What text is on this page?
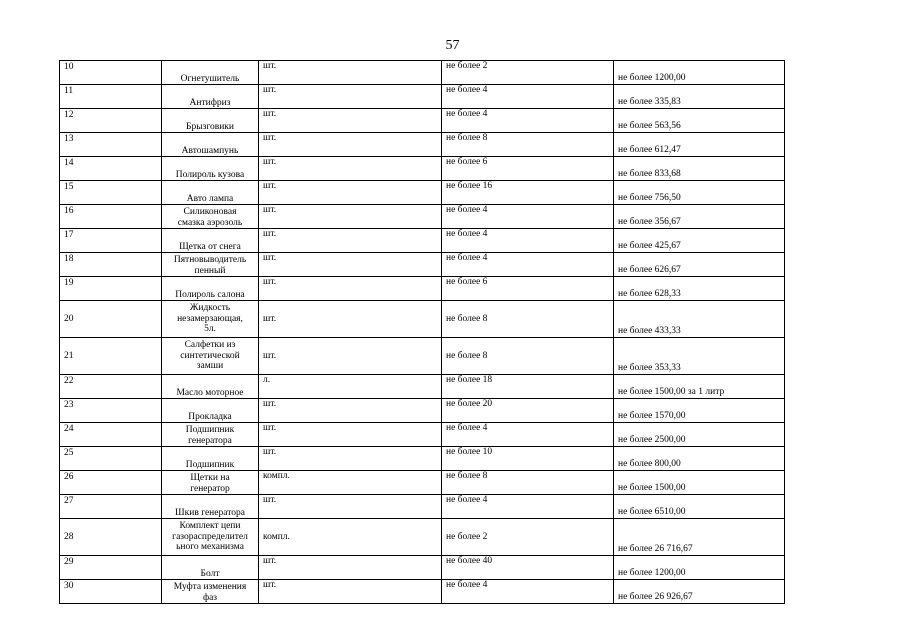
57
10	Огнетушитель	шт.	не более 2	не более 1200,00
11	Антифриз	шт.	не более 4	не более 335,83
12	Брызговики	шт.	не более 4	не более 563,56
13	Автошампунь	шт.	не более 8	не более 612,47
14	Полироль кузова	шт.	не более 6	не более 833,68
15	Авто лампа	шт.	не более 16	не более 756,50
16	Силиконовая
смазка аэрозоль	шт.	не более 4	не более 356,67
17	Щетка от снега	шт.	не более 4	не более 425,67
18	Пятновыводитель
пенный	шт.	не более 4	не более 626,67
19	Полироль салона	шт.	не более 6	не более 628,33
20	Жидкость
незамерзающая,
5л.	шт.	не более 8	не более 433,33
21	Салфетки из
синтетической
замши	шт.	не более 8	не более 353,33
22	Масло моторное	л.	не более 18	не более 1500,00 за 1 литр
23	Прокладка	шт.	не более 20	не более 1570,00
24	Подшипник
генератора	шт.	не более 4	не более 2500,00
25	Подшипник	шт.	не более 10	не более 800,00
26	Щетки на
генератор	компл.	не более 8	не более 1500,00
27	Шкив генератора	шт.	не более 4	не более 6510,00
28	Комплект цепи
газораспределител
ьного механизма	компл.	не более 2	не более 26 716,67
29	Болт	шт.	не более 40	не более 1200,00
30	Муфта изменения
фаз	шт.	не более 4	не более 26 926,67
